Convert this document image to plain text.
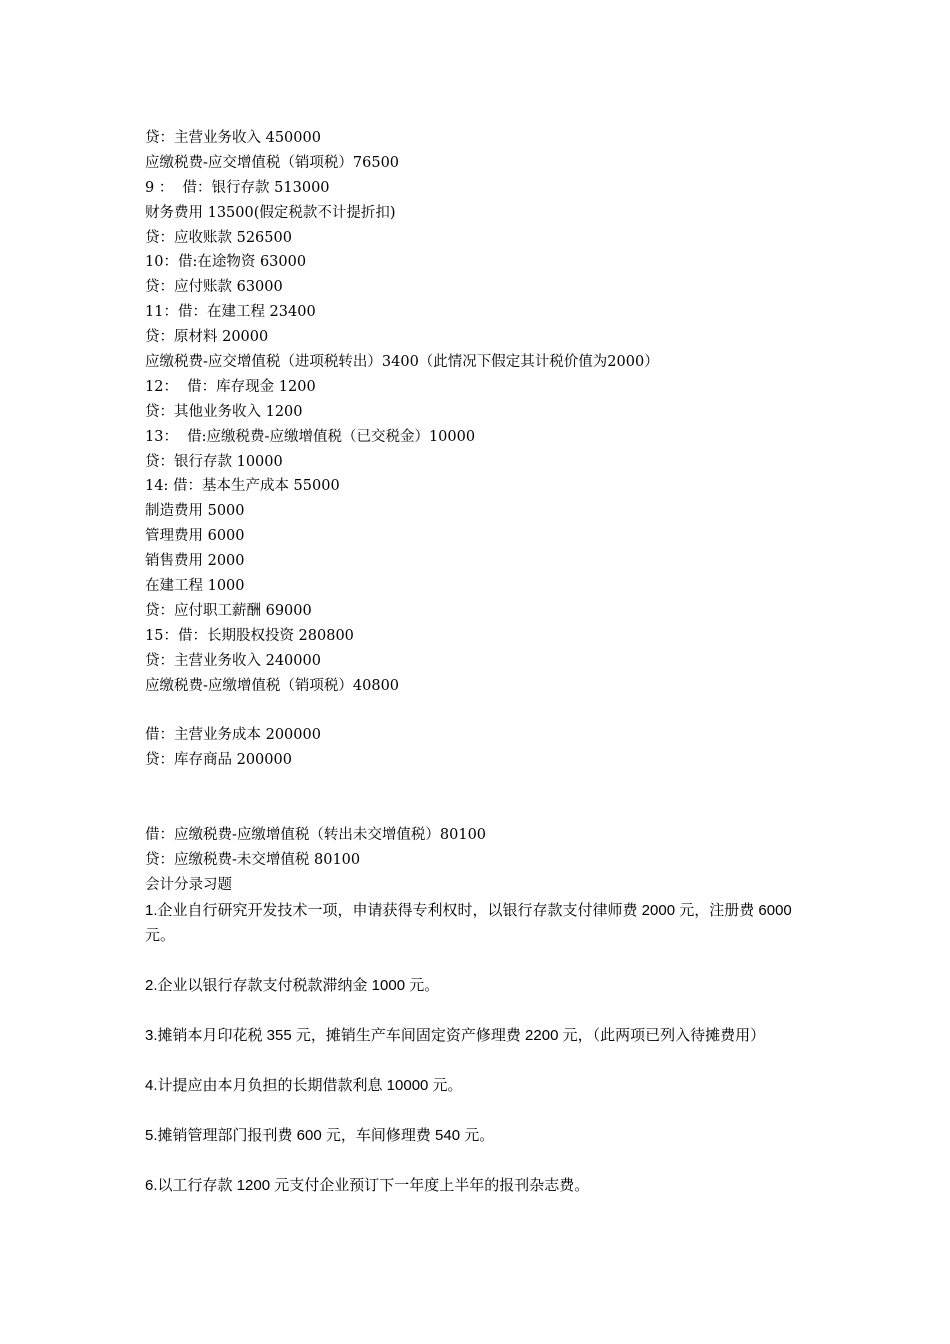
贷：主营业务收入 450000
应缴税费-应交增值税（销项税）76500
9 ：  借：银行存款 513000
财务费用 13500(假定税款不计提折扣)
贷：应收账款 526500
10：借:在途物资 63000
贷：应付账款 63000
11：借：在建工程 23400
贷：原材料 20000
应缴税费-应交增值税（进项税转出）3400（此情况下假定其计税价值为2000）
12：  借：库存现金 1200
贷：其他业务收入 1200
13：  借:应缴税费-应缴增值税（已交税金）10000
贷：银行存款 10000
14: 借：基本生产成本 55000
制造费用 5000
管理费用 6000
销售费用 2000
在建工程 1000
贷：应付职工薪酬 69000
15：借：长期股权投资 280800
贷：主营业务收入 240000
应缴税费-应缴增值税（销项税）40800
借：主营业务成本 200000
贷：库存商品 200000
借：应缴税费-应缴增值税（转出未交增值税）80100
贷：应缴税费-未交增值税 80100
会计分录习题

1.企业自行研究开发技术一项，申请获得专利权时，以银行存款支付律师费 2000 元，注册费 6000 元。

2.企业以银行存款支付税款滞纳金 1000 元。

3.摊销本月印花税 355 元，摊销生产车间固定资产修理费 2200 元，（此两项已列入待摊费用）

4.计提应由本月负担的长期借款利息 10000 元。

5.摊销管理部门报刊费 600 元，车间修理费 540 元。

6.以工行存款 1200 元支付企业预订下一年度上半年的报刊杂志费。
